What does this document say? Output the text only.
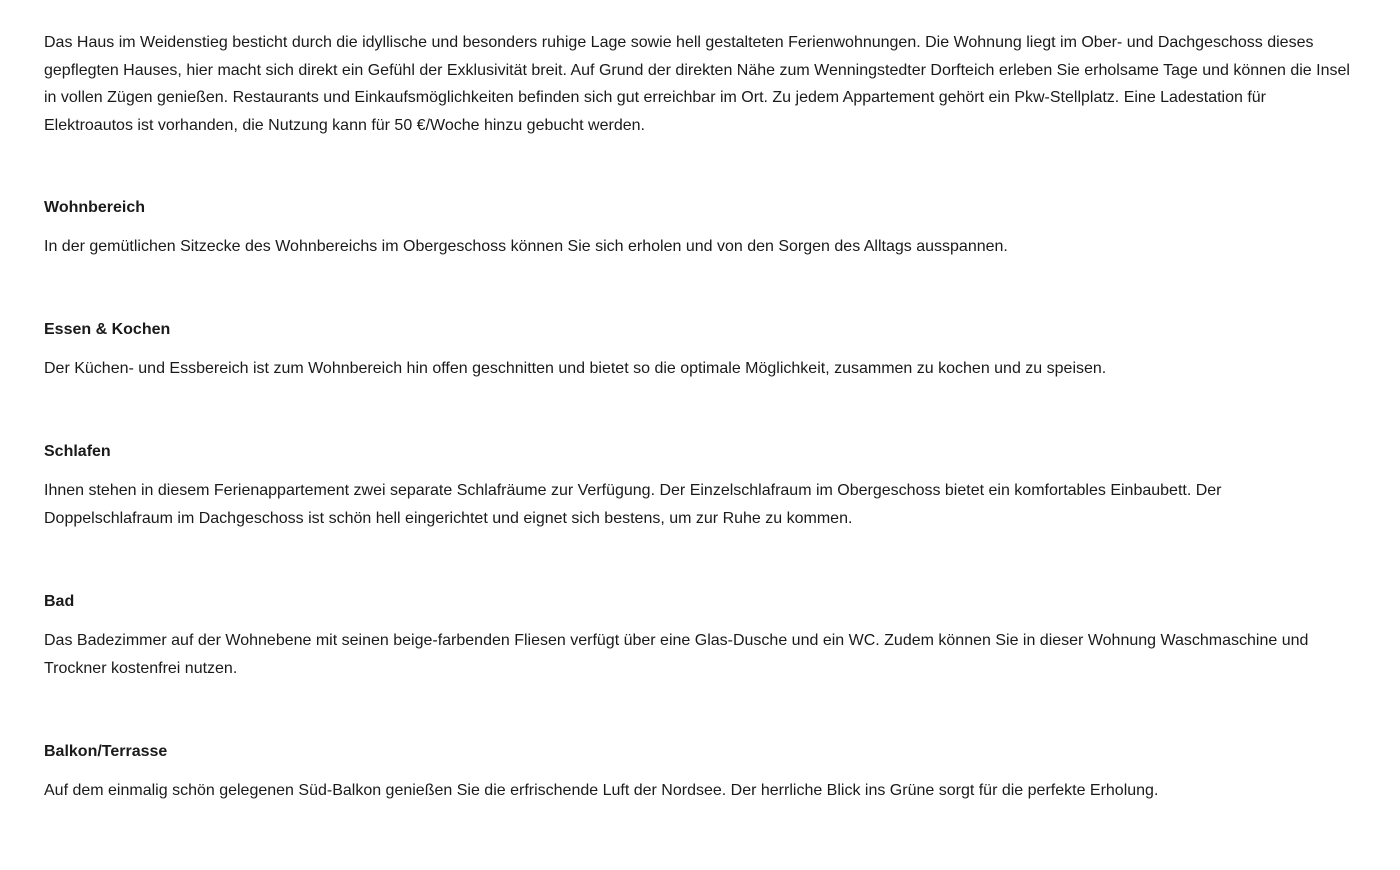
Das Haus im Weidenstieg besticht durch die idyllische und besonders ruhige Lage sowie hell gestalteten Ferienwohnungen. Die Wohnung liegt im Ober- und Dachgeschoss dieses gepflegten Hauses, hier macht sich direkt ein Gefühl der Exklusivität breit. Auf Grund der direkten Nähe zum Wenningstedter Dorfteich erleben Sie erholsame Tage und können die Insel in vollen Zügen genießen. Restaurants und Einkaufsmöglichkeiten befinden sich gut erreichbar im Ort. Zu jedem Appartement gehört ein Pkw-Stellplatz. Eine Ladestation für Elektroautos ist vorhanden, die Nutzung kann für 50 €/Woche hinzu gebucht werden.

Wohnbereich

In der gemütlichen Sitzecke des Wohnbereichs im Obergeschoss können Sie sich erholen und von den Sorgen des Alltags ausspannen.

Essen & Kochen

Der Küchen- und Essbereich ist zum Wohnbereich hin offen geschnitten und bietet so die optimale Möglichkeit, zusammen zu kochen und zu speisen.

Schlafen

Ihnen stehen in diesem Ferienappartement zwei separate Schlafräume zur Verfügung. Der Einzelschlafraum im Obergeschoss bietet ein komfortables Einbaubett. Der Doppelschlafraum im Dachgeschoss ist schön hell eingerichtet und eignet sich bestens, um zur Ruhe zu kommen.

Bad

Das Badezimmer auf der Wohnebene mit seinen beige-farbenden Fliesen verfügt über eine Glas-Dusche und ein WC. Zudem können Sie in dieser Wohnung Waschmaschine und Trockner kostenfrei nutzen.

Balkon/Terrasse

Auf dem einmalig schön gelegenen Süd-Balkon genießen Sie die erfrischende Luft der Nordsee. Der herrliche Blick ins Grüne sorgt für die perfekte Erholung.
